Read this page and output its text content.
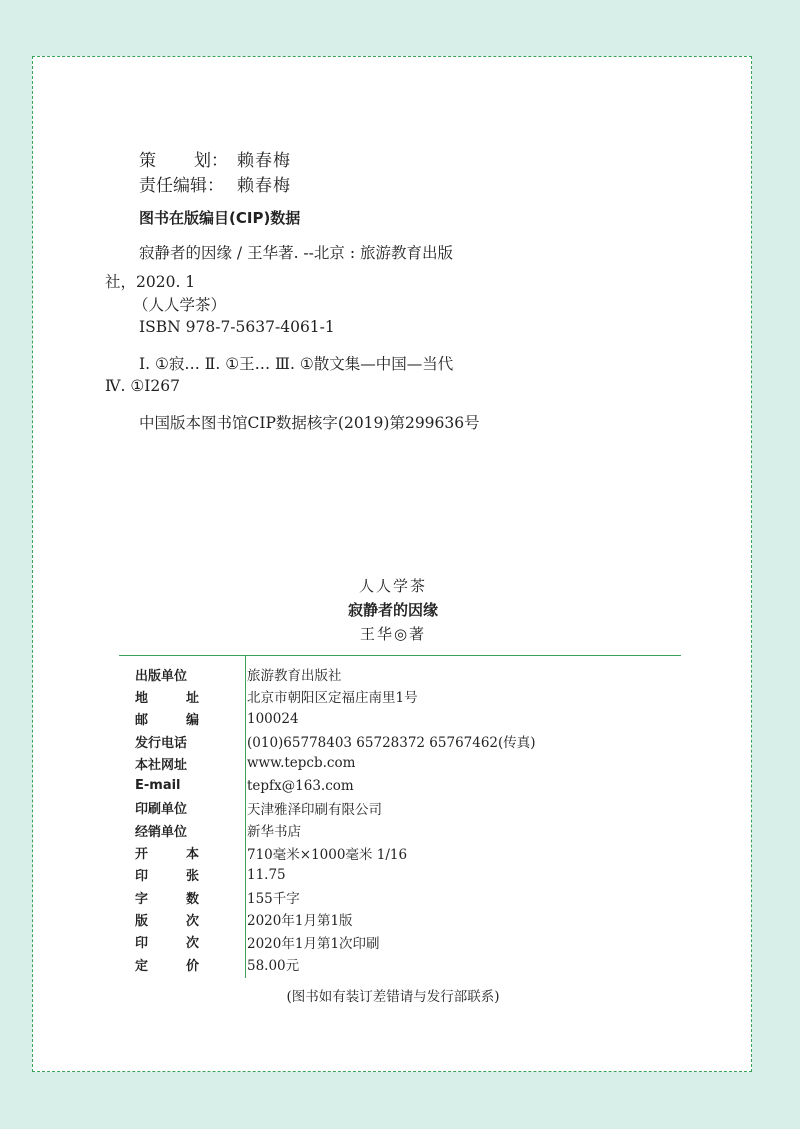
策 划： 赖春梅
责任编辑： 赖春梅
图书在版编目(CIP)数据
寂静者的因缘 / 王华著. --北京 : 旅游教育出版
社，2020. 1
（人人学茶）
ISBN 978-7-5637-4061-1
Ⅰ. ①寂… Ⅱ. ①王… Ⅲ. ①散文集—中国—当代
Ⅳ. ①I267
中国版本图书馆CIP数据核字(2019)第299636号
人人学茶
寂静者的因缘
王华◎著
出版单位	旅游教育出版社
地	址	北京市朝阳区定福庄南里1号
邮	编	100024
发行电话	(010)65778403 65728372 65767462(传真)
本社网址	www.tepcb.com
E-mail	tepfx@163.com
印刷单位	天津雅泽印刷有限公司
经销单位	新华书店
开	本	710毫米×1000毫米 1/16
印	张	11.75
字	数	155千字
版	次	2020年1月第1版
印	次	2020年1月第1次印刷
定	价	58.00元
(图书如有装订差错请与发行部联系)
